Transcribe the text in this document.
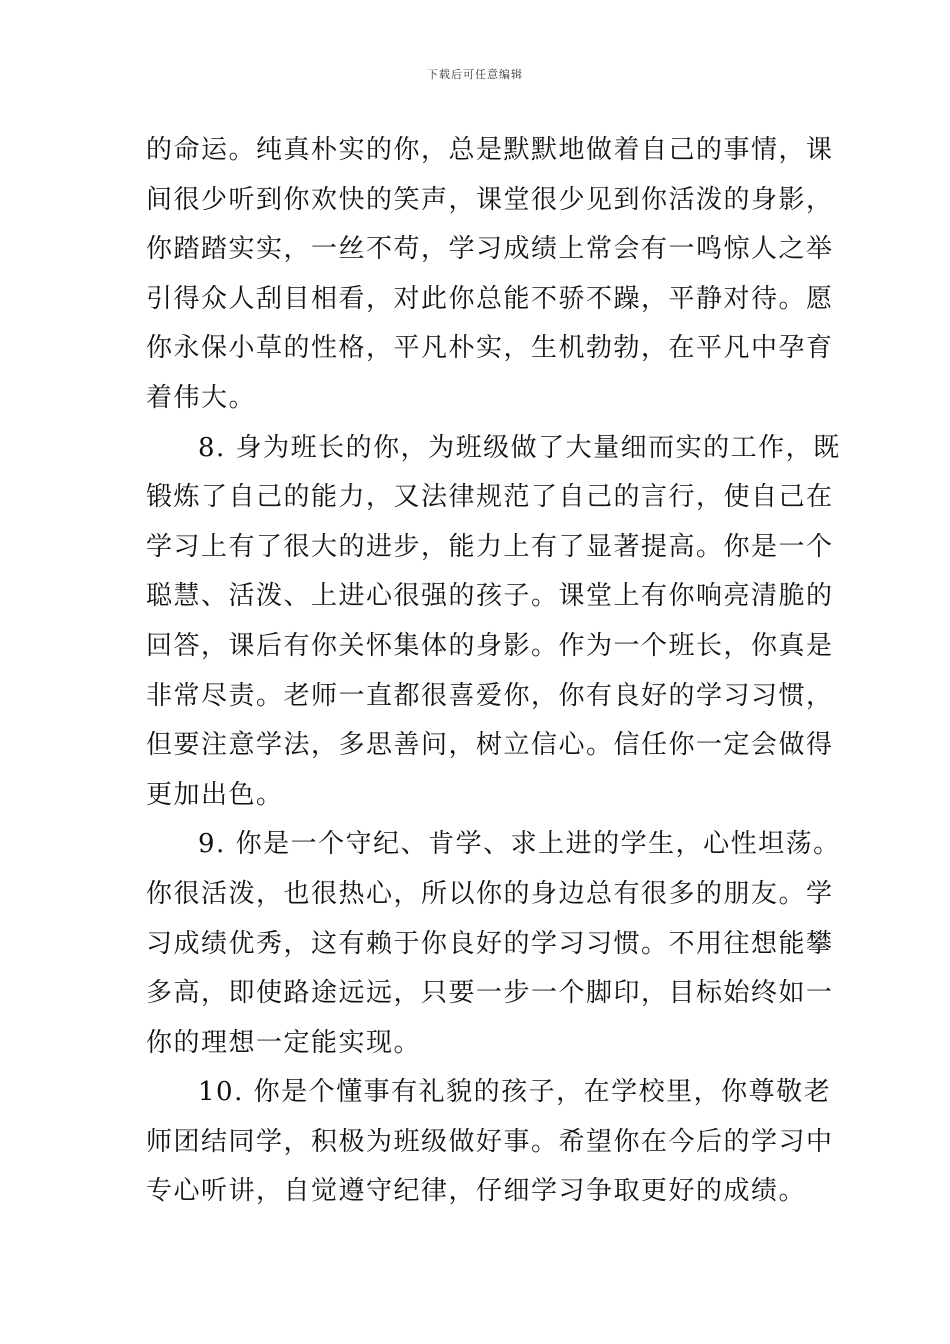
下载后可任意编辑
的命运。纯真朴实的你，总是默默地做着自己的事情，课
间很少听到你欢快的笑声，课堂很少见到你活泼的身影，
你踏踏实实，一丝不苟，学习成绩上常会有一鸣惊人之举
引得众人刮目相看，对此你总能不骄不躁，平静对待。愿
你永保小草的性格，平凡朴实，生机勃勃，在平凡中孕育
着伟大。
8. 身为班长的你，为班级做了大量细而实的工作，既
锻炼了自己的能力，又法律规范了自己的言行，使自己在
学习上有了很大的进步，能力上有了显著提高。你是一个
聪慧、活泼、上进心很强的孩子。课堂上有你响亮清脆的
回答，课后有你关怀集体的身影。作为一个班长，你真是
非常尽责。老师一直都很喜爱你，你有良好的学习习惯，
但要注意学法，多思善问，树立信心。信任你一定会做得
更加出色。
9. 你是一个守纪、肯学、求上进的学生，心性坦荡。
你很活泼，也很热心，所以你的身边总有很多的朋友。学
习成绩优秀，这有赖于你良好的学习习惯。不用往想能攀
多高，即使路途远远，只要一步一个脚印，目标始终如一
你的理想一定能实现。
10. 你是个懂事有礼貌的孩子，在学校里，你尊敬老
师团结同学，积极为班级做好事。希望你在今后的学习中
专心听讲，自觉遵守纪律，仔细学习争取更好的成绩。
